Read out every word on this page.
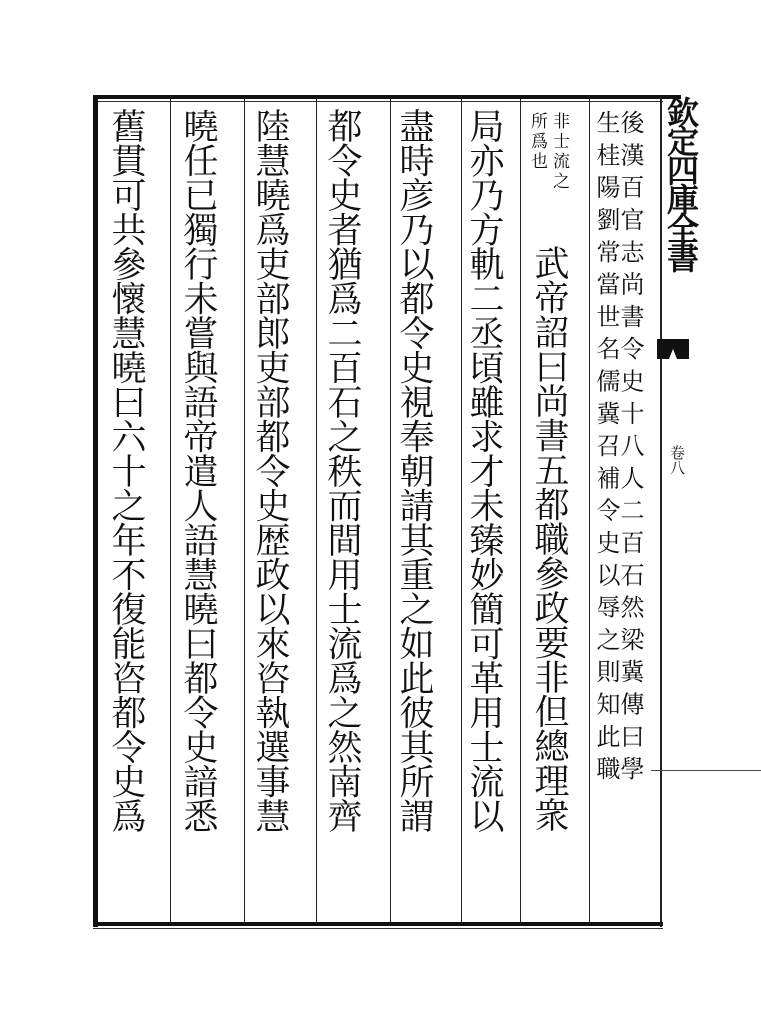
欽定四庫全書
卷八

後漢百官志尚書令史十八人二百石然梁冀傳曰學

生桂陽劉常當世名儒冀召補令史以辱之則知此職

非士流之

所爲也

武帝詔曰尚書五都職參政要非但總理衆

局亦乃方軌二丞頃雖求才未臻妙簡可革用士流以

盡時彦乃以都令史視奉朝請其重之如此彼其所謂

都令史者猶爲二百石之秩而間用士流爲之然南齊

陸慧曉爲吏部郎吏部都令史歴政以來咨執選事慧

曉任已獨行未嘗與語帝遣人語慧曉曰都令史諳悉

舊貫可共參懷慧曉曰六十之年不復能咨都令史爲
